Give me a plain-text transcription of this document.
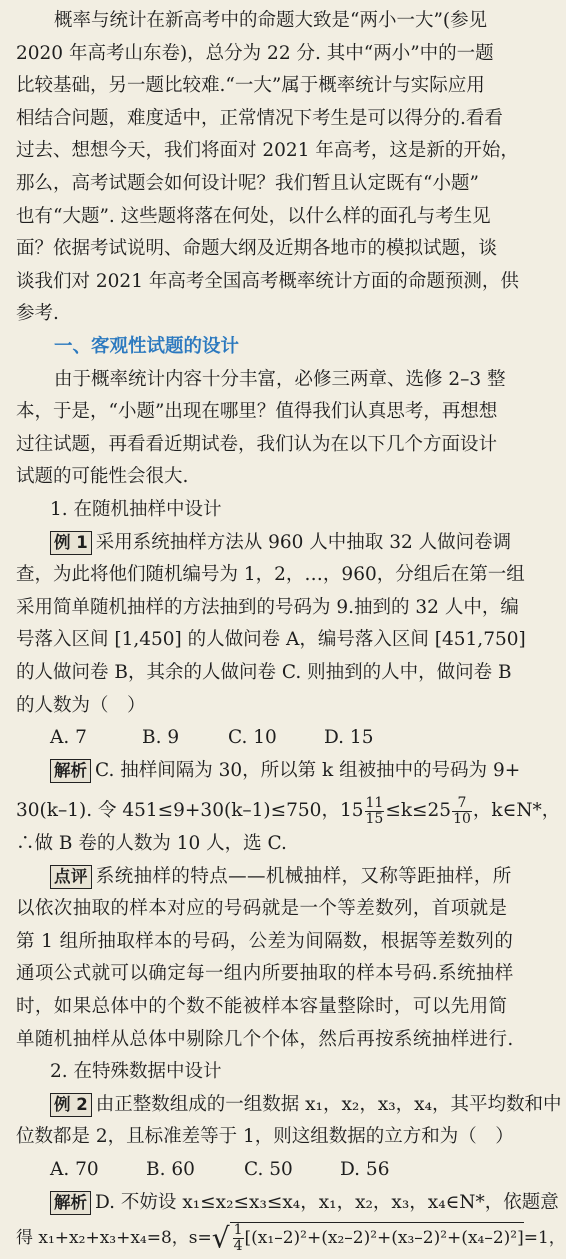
概率与统计在新高考中的命题大致是“两小一大”(参见
2020 年高考山东卷)，总分为 22 分. 其中“两小”中的一题
比较基础，另一题比较难.“一大”属于概率统计与实际应用
相结合问题，难度适中，正常情况下考生是可以得分的.看看
过去、想想今天，我们将面对 2021 年高考，这是新的开始，
那么，高考试题会如何设计呢？我们暂且认定既有“小题”
也有“大题”. 这些题将落在何处，以什么样的面孔与考生见
面？依据考试说明、命题大纲及近期各地市的模拟试题，谈
谈我们对 2021 年高考全国高考概率统计方面的命题预测，供
参考.
一、客观性试题的设计
由于概率统计内容十分丰富，必修三两章、选修 2–3 整
本，于是，“小题”出现在哪里？值得我们认真思考，再想想
过往试题，再看看近期试卷，我们认为在以下几个方面设计
试题的可能性会很大.
1. 在随机抽样中设计
例 1 采用系统抽样方法从 960 人中抽取 32 人做问卷调
查，为此将他们随机编号为 1，2，…，960，分组后在第一组
采用简单随机抽样的方法抽到的号码为 9.抽到的 32 人中，编
号落入区间 [1,450] 的人做问卷 A，编号落入区间 [451,750]
的人做问卷 B，其余的人做问卷 C. 则抽到的人中，做问卷 B
的人数为（　）
A. 7	B. 9	C. 10	D. 15
解析 C. 抽样间隔为 30，所以第 k 组被抽中的号码为 9+
30(k–1). 令 451≤9+30(k–1)≤750，$15 \frac{11}{15} \le k\le 25 \frac{7}{10}$ ，k∈N*，
∴做 B 卷的人数为 10 人，选 C.
点评 系统抽样的特点——机械抽样，又称等距抽样，所
以依次抽取的样本对应的号码就是一个等差数列，首项就是
第 1 组所抽取样本的号码，公差为间隔数，根据等差数列的
通项公式就可以确定每一组内所要抽取的样本号码.系统抽样
时，如果总体中的个数不能被样本容量整除时，可以先用简
单随机抽样从总体中剔除几个个体，然后再按系统抽样进行.
2. 在特殊数据中设计
例 2 由正整数组成的一组数据 x₁，x₂，x₃，x₄，其平均数和中
位数都是 2，且标准差等于 1，则这组数据的立方和为（　）
A. 70	B. 60	C. 50	D. 56
解析 D. 不妨设 x₁≤x₂≤x₃≤x₄，x₁，x₂，x₃，x₄∈N*，依题意
得 x₁+x₂+x₃+x₄=8，$s=√ \frac{1}{4} [(x_1-2)^2+(x_2-2)^2+(x_3-2)^2+(x_4-2)^2]=1$，
